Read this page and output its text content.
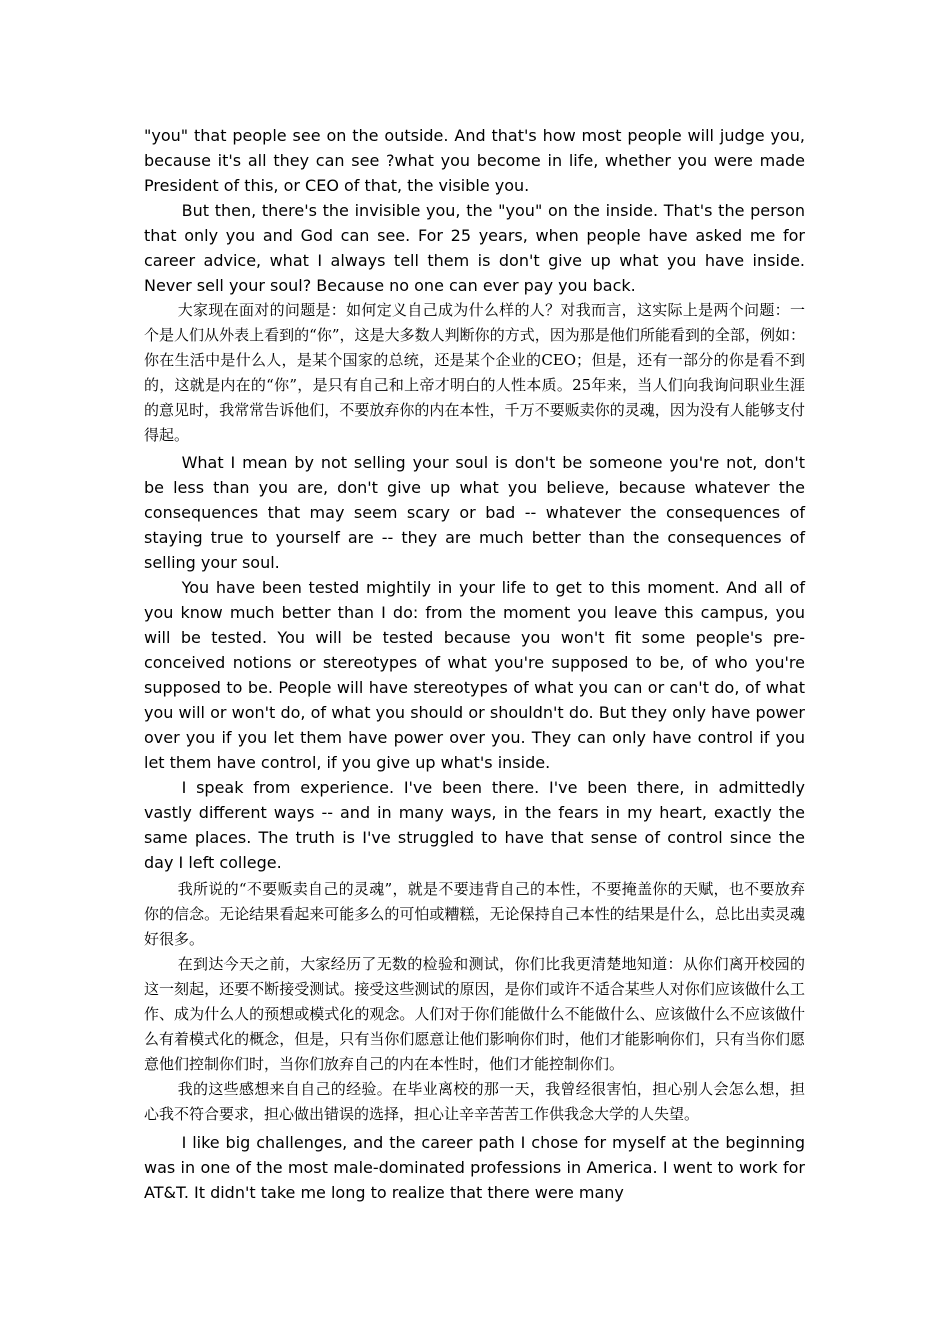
"you" that people see on the outside. And that's how most people will judge you, because it's all they can see ?what you become in life, whether you were made President of this, or CEO of that, the visible you.

But then, there's the invisible you, the "you" on the inside. That's the person that only you and God can see. For 25 years, when people have asked me for career advice, what I always tell them is don't give up what you have inside. Never sell your soul? Because no one can ever pay you back.

大家现在面对的问题是：如何定义自己成为什么样的人？对我而言，这实际上是两个问题：一个是人们从外表上看到的“你”，这是大多数人判断你的方式，因为那是他们所能看到的全部，例如：你在生活中是什么人，是某个国家的总统，还是某个企业的CEO；但是，还有一部分的你是看不到的，这就是内在的“你”，是只有自己和上帝才明白的人性本质。25年来，当人们向我询问职业生涯的意见时，我常常告诉他们，不要放弃你的内在本性，千万不要贩卖你的灵魂，因为没有人能够支付得起。

What I mean by not selling your soul is don't be someone you're not, don't be less than you are, don't give up what you believe, because whatever the consequences that may seem scary or bad -- whatever the consequences of staying true to yourself are -- they are much better than the consequences of selling your soul.

You have been tested mightily in your life to get to this moment. And all of you know much better than I do: from the moment you leave this campus, you will be tested. You will be tested because you won't fit some people's pre-conceived notions or stereotypes of what you're supposed to be, of who you're supposed to be. People will have stereotypes of what you can or can't do, of what you will or won't do, of what you should or shouldn't do. But they only have power over you if you let them have power over you. They can only have control if you let them have control, if you give up what's inside.

I speak from experience. I've been there. I've been there, in admittedly vastly different ways -- and in many ways, in the fears in my heart, exactly the same places. The truth is I've struggled to have that sense of control since the day I left college.

我所说的“不要贩卖自己的灵魂”，就是不要违背自己的本性，不要掩盖你的天赋，也不要放弃你的信念。无论结果看起来可能多么的可怕或糟糕，无论保持自己本性的结果是什么，总比出卖灵魂好很多。

在到达今天之前，大家经历了无数的检验和测试，你们比我更清楚地知道：从你们离开校园的这一刻起，还要不断接受测试。接受这些测试的原因，是你们或许不适合某些人对你们应该做什么工作、成为什么人的预想或模式化的观念。人们对于你们能做什么不能做什么、应该做什么不应该做什么有着模式化的概念，但是，只有当你们愿意让他们影响你们时，他们才能影响你们，只有当你们愿意他们控制你们时，当你们放弃自己的内在本性时，他们才能控制你们。

我的这些感想来自自己的经验。在毕业离校的那一天，我曾经很害怕，担心别人会怎么想，担心我不符合要求，担心做出错误的选择，担心让辛辛苦苦工作供我念大学的人失望。

I like big challenges, and the career path I chose for myself at the beginning was in one of the most male-dominated professions in America. I went to work for AT&T. It didn't take me long to realize that there were many
